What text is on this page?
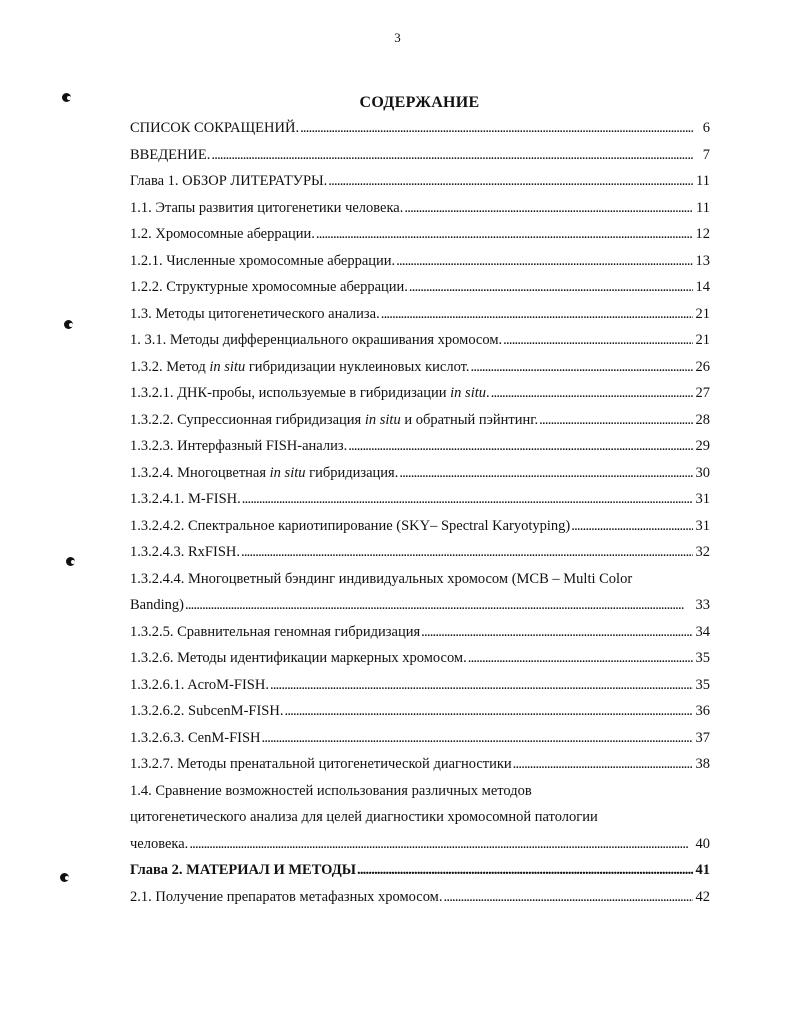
3
СОДЕРЖАНИЕ
СПИСОК СОКРАЩЕНИЙ. . . .	6
ВВЕДЕНИЕ. . . .	7
Глава 1. ОБЗОР ЛИТЕРАТУРЫ. . . .	11
1.1. Этапы развития цитогенетики человека. . . .	11
1.2. Хромосомные аберрации. . . .	12
1.2.1. Численные хромосомные аберрации. . . .	13
1.2.2. Структурные хромосомные аберрации. . . .	14
1.3. Методы цитогенетического анализа. . . .	21
1. 3.1. Методы дифференциального окрашивания хромосом. . . .	21
1.3.2. Метод in situ гибридизации нуклеиновых кислот. . . .	26
1.3.2.1. ДНК-пробы, используемые в гибридизации in situ. . . .	27
1.3.2.2. Супрессионная гибридизация in situ и обратный пэйнтинг. . . .	28
1.3.2.3. Интерфазный FISH-анализ. . . .	29
1.3.2.4. Многоцветная in situ гибридизация. . . .	30
1.3.2.4.1. M-FISH. . . .	31
1.3.2.4.2. Спектральное кариотипирование (SKY– Spectral Karyotyping) . . .	31
1.3.2.4.3. RxFISH. . . .	32
1.3.2.4.4. Многоцветный бэндинг индивидуальных хромосом (MCB – Multi Color
Banding) . . .	33
1.3.2.5. Сравнительная геномная гибридизация . . .	34
1.3.2.6. Методы идентификации маркерных хромосом. . . .	35
1.3.2.6.1. AcroM-FISH. . . .	35
1.3.2.6.2. SubcenM-FISH. . . .	36
1.3.2.6.3. CenM-FISH . . .	37
1.3.2.7. Методы пренатальной цитогенетической диагностики . . .	38
1.4. Сравнение возможностей использования различных методов
цитогенетического анализа для целей диагностики хромосомной патологии
человека. . . .	40
Глава 2. МАТЕРИАЛ И МЕТОДЫ . . .	41
2.1. Получение препаратов метафазных хромосом. . . .	42
